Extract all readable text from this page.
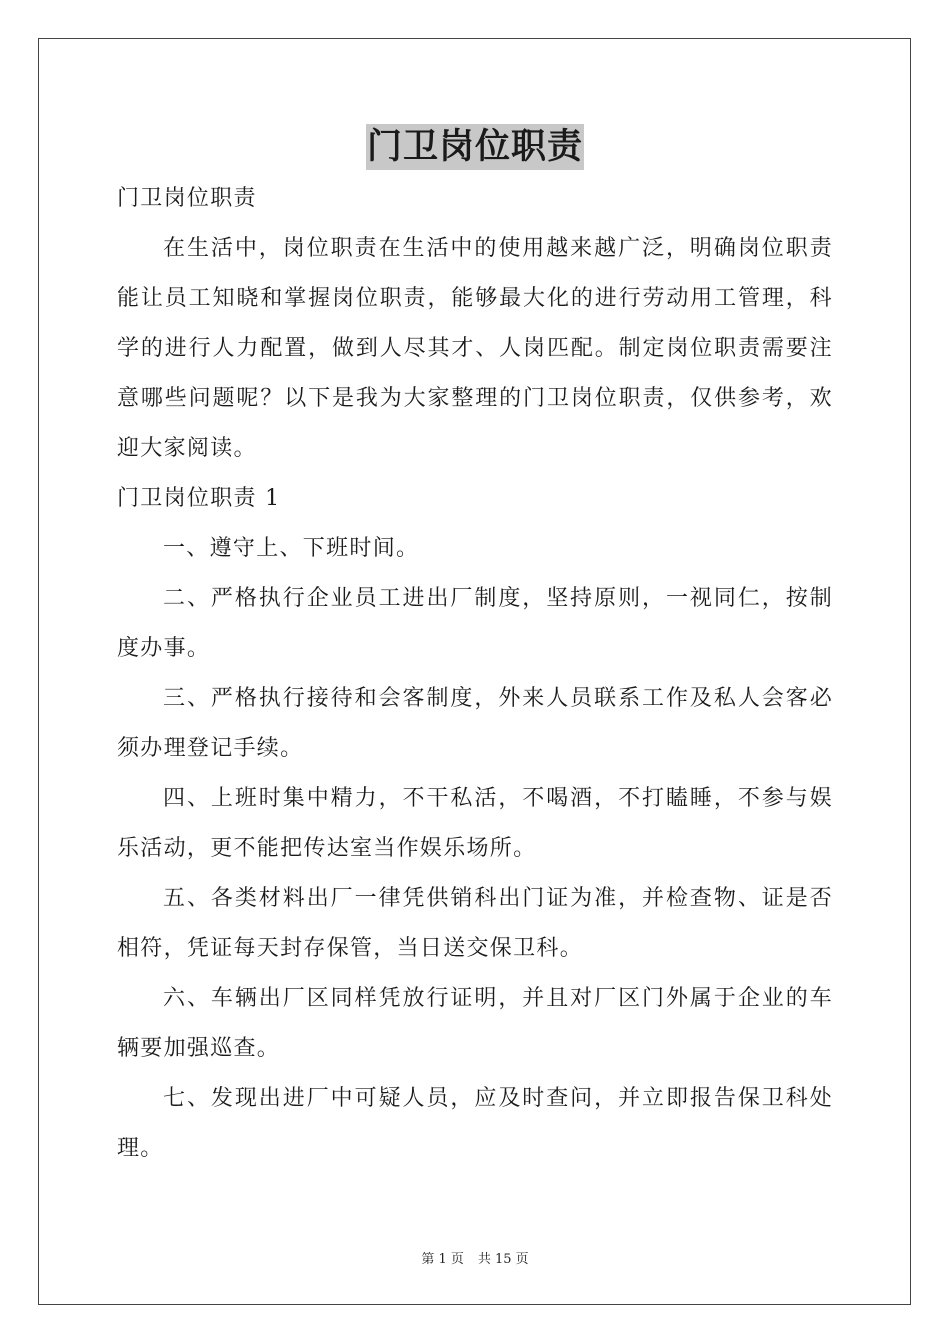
门卫岗位职责

门卫岗位职责

在生活中，岗位职责在生活中的使用越来越广泛，明确岗位职责能让员工知晓和掌握岗位职责，能够最大化的进行劳动用工管理，科学的进行人力配置，做到人尽其才、人岗匹配。制定岗位职责需要注意哪些问题呢？以下是我为大家整理的门卫岗位职责，仅供参考，欢迎大家阅读。

门卫岗位职责 1

一、遵守上、下班时间。

二、严格执行企业员工进出厂制度，坚持原则，一视同仁，按制度办事。

三、严格执行接待和会客制度，外来人员联系工作及私人会客必须办理登记手续。

四、上班时集中精力，不干私活，不喝酒，不打瞌睡，不参与娱乐活动，更不能把传达室当作娱乐场所。

五、各类材料出厂一律凭供销科出门证为准，并检查物、证是否相符，凭证每天封存保管，当日送交保卫科。

六、车辆出厂区同样凭放行证明，并且对厂区门外属于企业的车辆要加强巡查。

七、发现出进厂中可疑人员，应及时查问，并立即报告保卫科处理。

第 1 页 共 15 页
